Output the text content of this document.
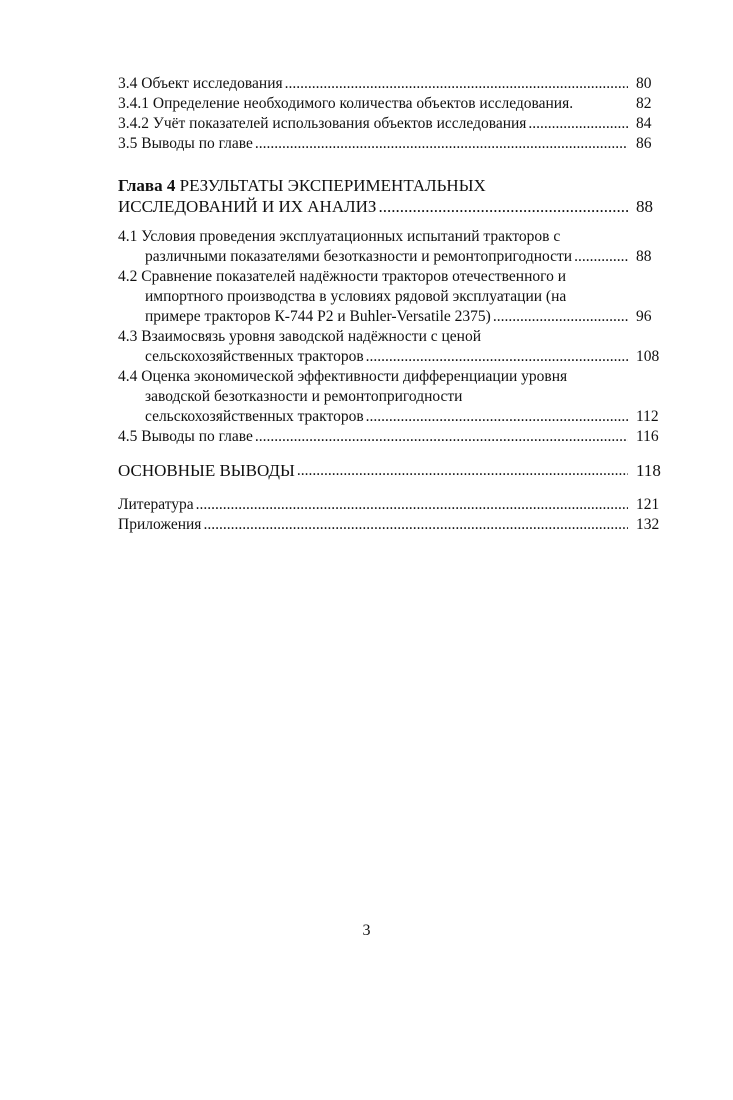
3.4 Объект исследования .....	80
3.4.1 Определение необходимого количества объектов исследования.	82
3.4.2 Учёт показателей использования объектов исследования .....	84
3.5 Выводы по главе .....	86
Глава 4 РЕЗУЛЬТАТЫ ЭКСПЕРИМЕНТАЛЬНЫХ
ИССЛЕДОВАНИЙ И ИХ АНАЛИЗ .....	88
4.1 Условия проведения эксплуатационных испытаний тракторов с
различными показателями безотказности и ремонтопригодности .....	88
4.2 Сравнение показателей надёжности тракторов отечественного и
импортного производства в условиях рядовой эксплуатации (на
примере тракторов К-744 Р2 и Buhler-Versatile 2375) .....	96
4.3 Взаимосвязь уровня заводской надёжности с ценой
сельскохозяйственных тракторов .....	108
4.4 Оценка экономической эффективности дифференциации уровня
заводской безотказности и ремонтопригодности
сельскохозяйственных тракторов .....	112
4.5 Выводы по главе .....	116
ОСНОВНЫЕ ВЫВОДЫ .....	118
Литература .....	121
Приложения .....	132
3
